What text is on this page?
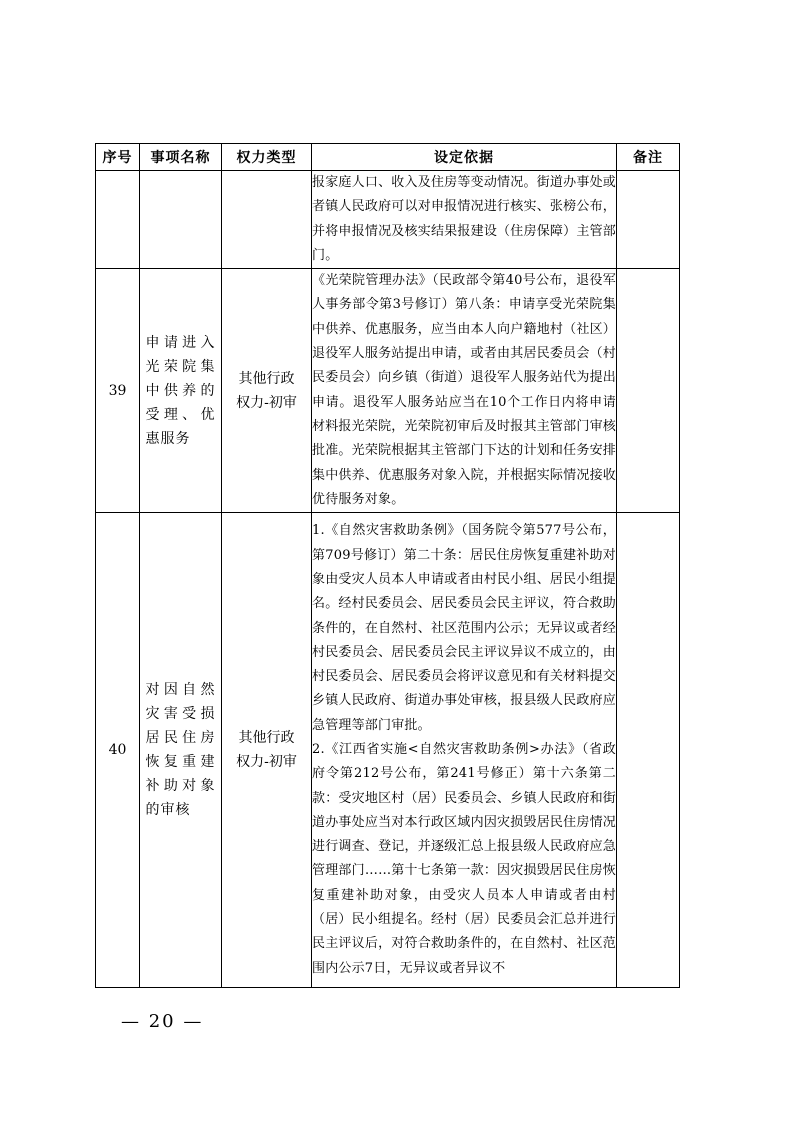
序号	事项名称	权力类型	设定依据	备注

			报家庭人口、收入及住房等变动情况。街道办事处或者镇人民政府可以对申报情况进行核实、张榜公布，并将申报情况及核实结果报建设（住房保障）主管部门。	

39	申请进入光荣院集中供养的受理、优惠服务	其他行政权力-初审	《光荣院管理办法》（民政部令第40号公布，退役军人事务部令第3号修订）第八条：申请享受光荣院集中供养、优惠服务，应当由本人向户籍地村（社区）退役军人服务站提出申请，或者由其居民委员会（村民委员会）向乡镇（街道）退役军人服务站代为提出申请。退役军人服务站应当在10个工作日内将申请材料报光荣院，光荣院初审后及时报其主管部门审核批准。光荣院根据其主管部门下达的计划和任务安排集中供养、优惠服务对象入院，并根据实际情况接收优待服务对象。	

40	对因自然灾害受损居民住房恢复重建补助对象的审核	其他行政权力-初审	1.《自然灾害救助条例》（国务院令第577号公布，第709号修订）第二十条：居民住房恢复重建补助对象由受灾人员本人申请或者由村民小组、居民小组提名。经村民委员会、居民委员会民主评议，符合救助条件的，在自然村、社区范围内公示；无异议或者经村民委员会、居民委员会民主评议异议不成立的，由村民委员会、居民委员会将评议意见和有关材料提交乡镇人民政府、街道办事处审核，报县级人民政府应急管理等部门审批。
2.《江西省实施<自然灾害救助条例>办法》（省政府令第212号公布，第241号修正）第十六条第二款：受灾地区村（居）民委员会、乡镇人民政府和街道办事处应当对本行政区域内因灾损毁居民住房情况进行调查、登记，并逐级汇总上报县级人民政府应急管理部门……第十七条第一款：因灾损毁居民住房恢复重建补助对象，由受灾人员本人申请或者由村（居）民小组提名。经村（居）民委员会汇总并进行民主评议后，对符合救助条件的，在自然村、社区范围内公示7日，无异议或者异议不	

— 20 —
